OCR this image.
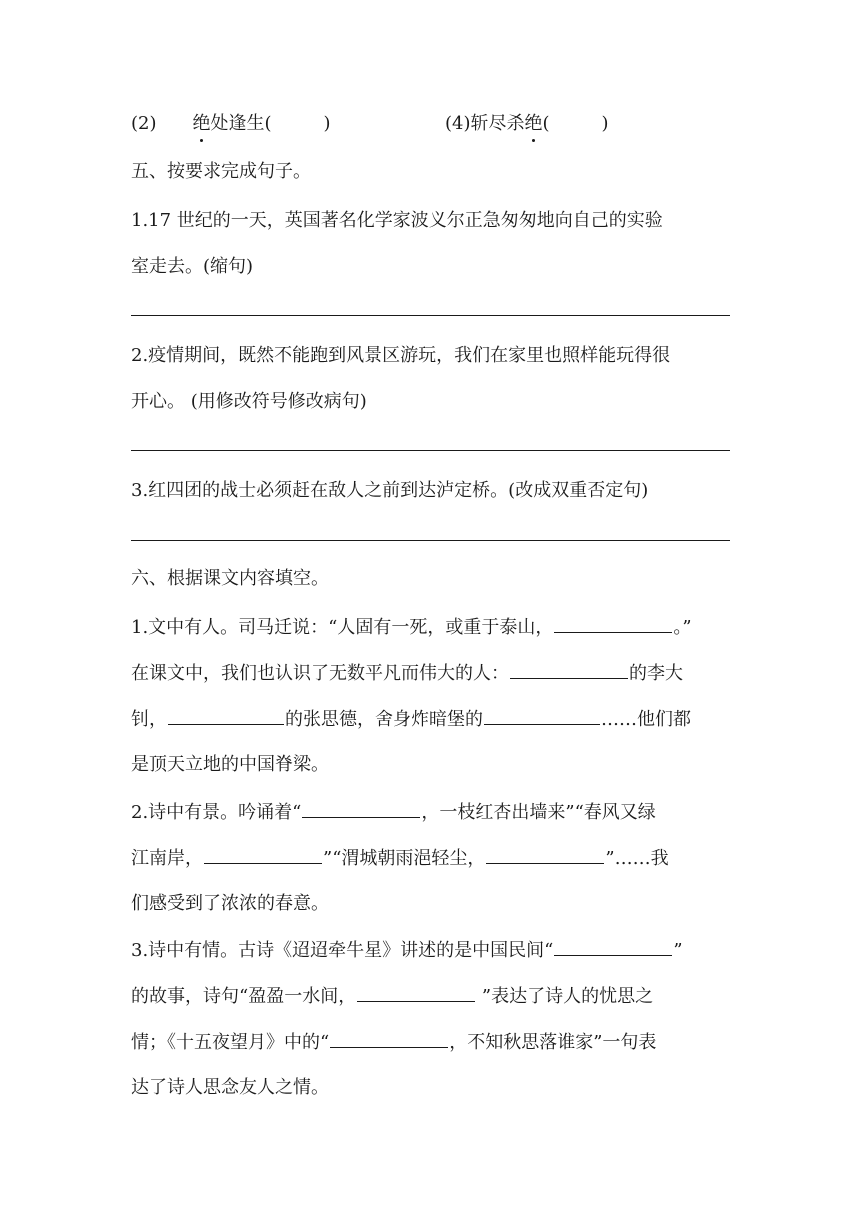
(2) 绝处逢生(	)	(4)斩尽杀绝(	)
五、按要求完成句子。
1.17 世纪的一天，英国著名化学家波义尔正急匆匆地向自己的实验
室走去。(缩句)
2.疫情期间，既然不能跑到风景区游玩，我们在家里也照样能玩得很
开心。 (用修改符号修改病句)
3.红四团的战士必须赶在敌人之前到达泸定桥。(改成双重否定句)
六、根据课文内容填空。
1.文中有人。司马迁说：“人固有一死，或重于泰山，	。”
在课文中，我们也认识了无数平凡而伟大的人：	的李大
钊，	的张思德，舍身炸暗堡的	……他们都
是顶天立地的中国脊梁。
2.诗中有景。吟诵着“	，一枝红杏出墙来”“春风又绿
江南岸，	”“渭城朝雨浥轻尘，	”……我
们感受到了浓浓的春意。
3.诗中有情。古诗《迢迢牵牛星》讲述的是中国民间“	”
的故事，诗句“盈盈一水间，	”表达了诗人的忧思之
情；《十五夜望月》中的“	，不知秋思落谁家”一句表
达了诗人思念友人之情。
